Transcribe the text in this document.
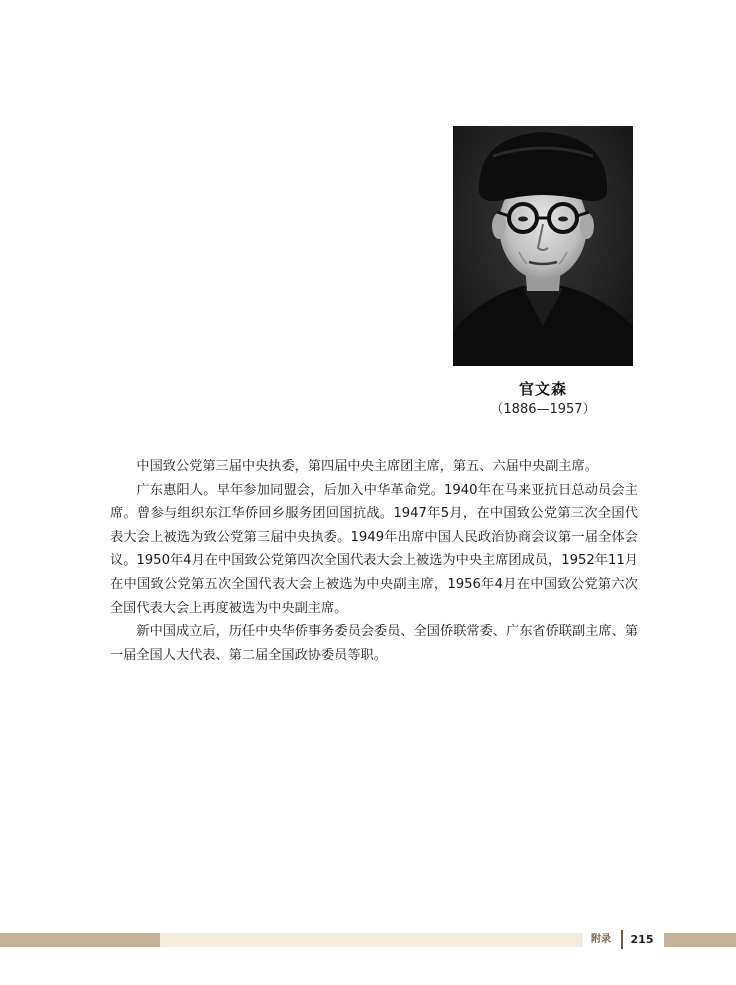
官文森
（1886—1957）

中国致公党第三届中央执委，第四届中央主席团主席，第五、六届中央副主席。

广东惠阳人。早年参加同盟会，后加入中华革命党。1940年在马来亚抗日总动员会主席。曾参与组织东江华侨回乡服务团回国抗战。1947年5月，在中国致公党第三次全国代表大会上被选为致公党第三届中央执委。1949年出席中国人民政治协商会议第一届全体会议。1950年4月在中国致公党第四次全国代表大会上被选为中央主席团成员，1952年11月在中国致公党第五次全国代表大会上被选为中央副主席，1956年4月在中国致公党第六次全国代表大会上再度被选为中央副主席。

新中国成立后，历任中央华侨事务委员会委员、全国侨联常委、广东省侨联副主席、第一届全国人大代表、第二届全国政协委员等职。

附录	215
